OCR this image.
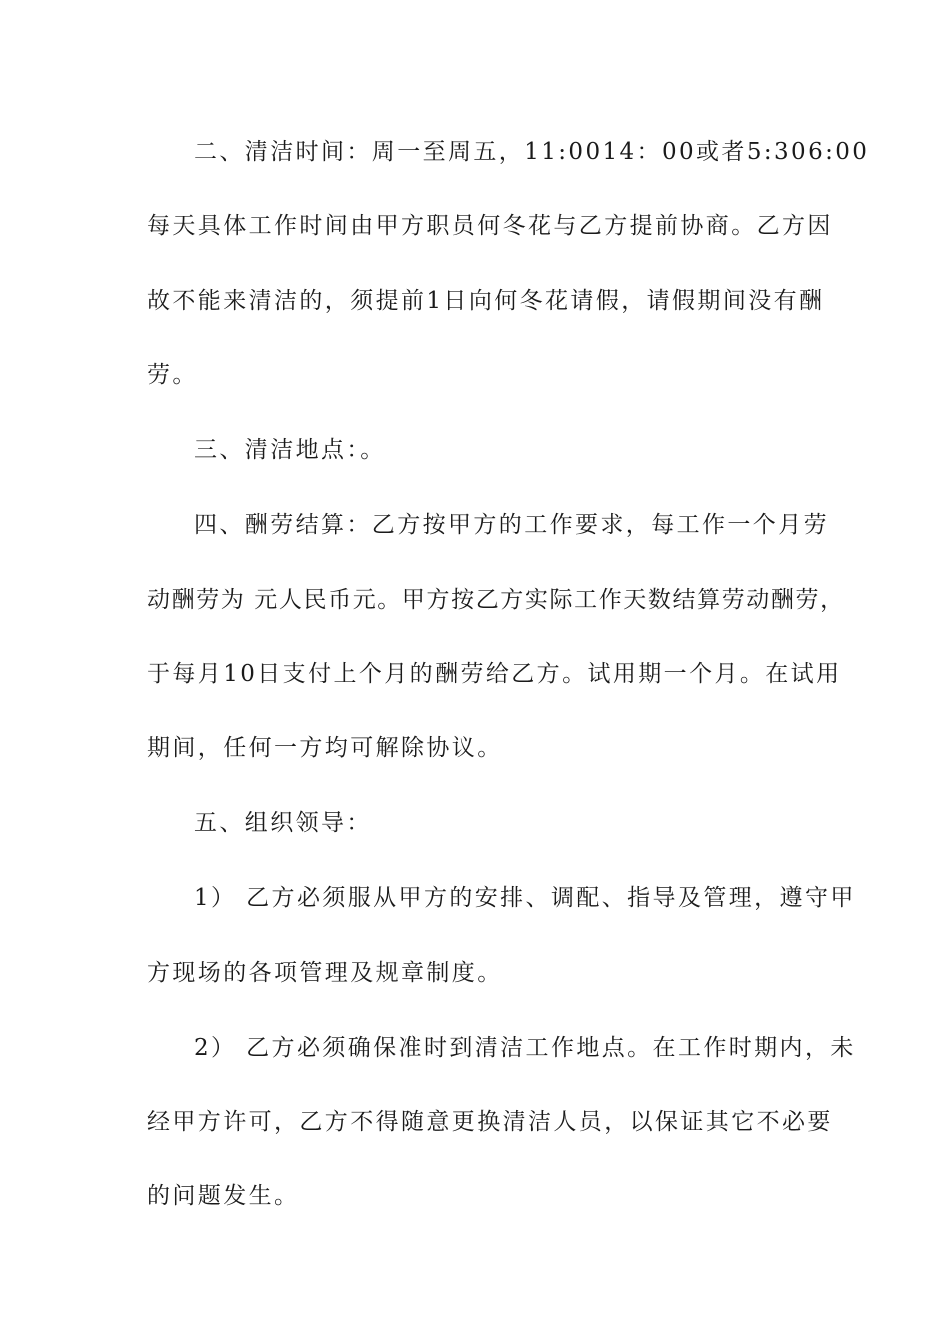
二、清洁时间：周一至周五，11:0014：00或者5:306:00
每天具体工作时间由甲方职员何冬花与乙方提前协商。乙方因
故不能来清洁的，须提前1日向何冬花请假，请假期间没有酬
劳。
三、清洁地点：。
四、酬劳结算：乙方按甲方的工作要求，每工作一个月劳
动酬劳为 元人民币元。甲方按乙方实际工作天数结算劳动酬劳，
于每月10日支付上个月的酬劳给乙方。试用期一个月。在试用
期间，任何一方均可解除协议。
五、组织领导：
1） 乙方必须服从甲方的安排、调配、指导及管理，遵守甲
方现场的各项管理及规章制度。
2） 乙方必须确保准时到清洁工作地点。在工作时期内，未
经甲方许可，乙方不得随意更换清洁人员，以保证其它不必要
的问题发生。
